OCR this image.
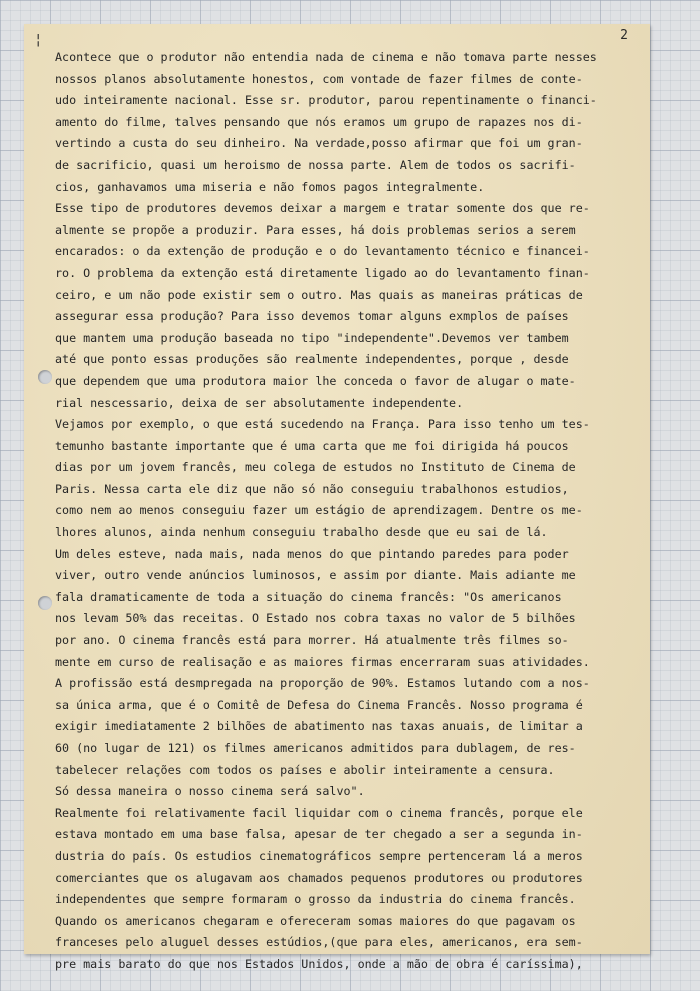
¦	2
Acontece que o produtor não entendia nada de cinema e não tomava parte nesses
nossos planos absolutamente honestos, com vontade de fazer filmes de conte-
udo inteiramente nacional. Esse sr. produtor, parou repentinamente o financi-
amento do filme, talves pensando que nós eramos um grupo de rapazes nos di-
vertindo a custa do seu dinheiro. Na verdade,posso afirmar que foi um gran-
de sacrificio, quasi um heroismo de nossa parte. Alem de todos os sacrifi-
cios, ganhavamos uma miseria e não fomos pagos integralmente.
Esse tipo de produtores devemos deixar a margem e tratar somente dos que re-
almente se propõe a produzir. Para esses, há dois problemas serios a serem
encarados: o da extenção de produção e o do levantamento técnico e financei-
ro. O problema da extenção está diretamente ligado ao do levantamento finan-
ceiro, e um não pode existir sem o outro. Mas quais as maneiras práticas de
assegurar essa produção? Para isso devemos tomar alguns exmplos de países
que mantem uma produção baseada no tipo "independente".Devemos ver tambem
até que ponto essas produções são realmente independentes, porque , desde
que dependem que uma produtora maior lhe conceda o favor de alugar o mate-
rial nescessario, deixa de ser absolutamente independente.
Vejamos por exemplo, o que está sucedendo na França. Para isso tenho um tes-
temunho bastante importante que é uma carta que me foi dirigida há poucos
dias por um jovem francês, meu colega de estudos no Instituto de Cinema de
Paris. Nessa carta ele diz que não só não conseguiu trabalhonos estudios,
como nem ao menos conseguiu fazer um estágio de aprendizagem. Dentre os me-
lhores alunos, ainda nenhum conseguiu trabalho desde que eu sai de lá.
Um deles esteve, nada mais, nada menos do que pintando paredes para poder
viver, outro vende anúncios luminosos, e assim por diante. Mais adiante me
fala dramaticamente de toda a situação do cinema francês: "Os americanos
nos levam 50% das receitas. O Estado nos cobra taxas no valor de 5 bilhões
por ano. O cinema francês está para morrer. Há atualmente três filmes so-
mente em curso de realisação e as maiores firmas encerraram suas atividades.
A profissão está desmpregada na proporção de 90%. Estamos lutando com a nos-
sa única arma, que é o Comitê de Defesa do Cinema Francês. Nosso programa é
exigir imediatamente 2 bilhões de abatimento nas taxas anuais, de limitar a
60 (no lugar de 121) os filmes americanos admitidos para dublagem, de res-
tabelecer relações com todos os países e abolir inteiramente a censura.
Só dessa maneira o nosso cinema será salvo".
Realmente foi relativamente facil liquidar com o cinema francês, porque ele
estava montado em uma base falsa, apesar de ter chegado a ser a segunda in-
dustria do país. Os estudios cinematográficos sempre pertenceram lá a meros
comerciantes que os alugavam aos chamados pequenos produtores ou produtores
independentes que sempre formaram o grosso da industria do cinema francês.
Quando os americanos chegaram e ofereceram somas maiores do que pagavam os
franceses pelo aluguel desses estúdios,(que para eles, americanos, era sem-
pre mais barato do que nos Estados Unidos, onde a mão de obra é caríssima),
